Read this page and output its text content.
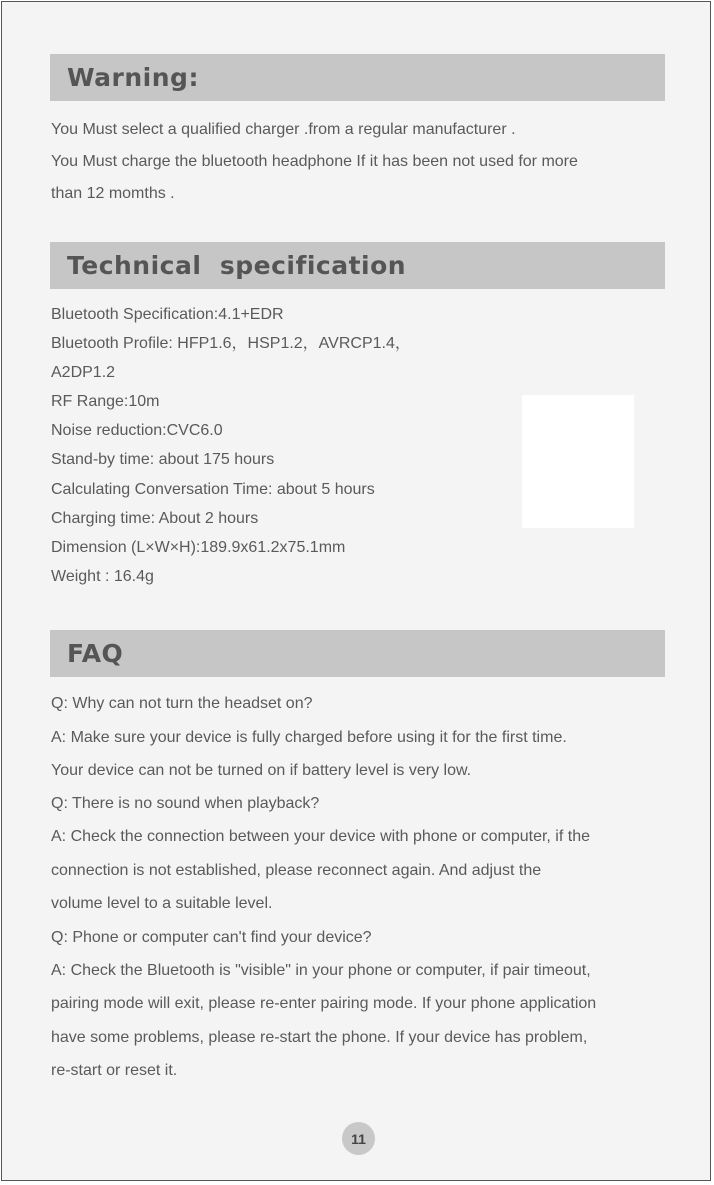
Warning:
You Must select a qualified charger .from a regular manufacturer .
You Must charge the bluetooth headphone If it has been not used for more
than 12 momths .
Technical  specification
Bluetooth Specification:4.1+EDR
Bluetooth Profile: HFP1.6，HSP1.2，AVRCP1.4，
A2DP1.2
RF Range:10m
Noise reduction:CVC6.0
Stand-by time: about 175 hours
Calculating Conversation Time: about 5 hours
Charging time: About 2 hours
Dimension (L×W×H):189.9x61.2x75.1mm
Weight : 16.4g
FAQ
Q: Why can not turn the headset on?
A: Make sure your device is fully charged before using it for the first time.
Your device can not be turned on if battery level is very low.
Q: There is no sound when playback?
A: Check the connection between your device with phone or computer, if the
connection is not established, please reconnect again. And adjust the
volume level to a suitable level.
Q: Phone or computer can't find your device?
A: Check the Bluetooth is "visible" in your phone or computer, if pair timeout,
pairing mode will exit, please re-enter pairing mode. If your phone application
have some problems, please re-start the phone. If your device has problem,
re-start or reset it.
11
